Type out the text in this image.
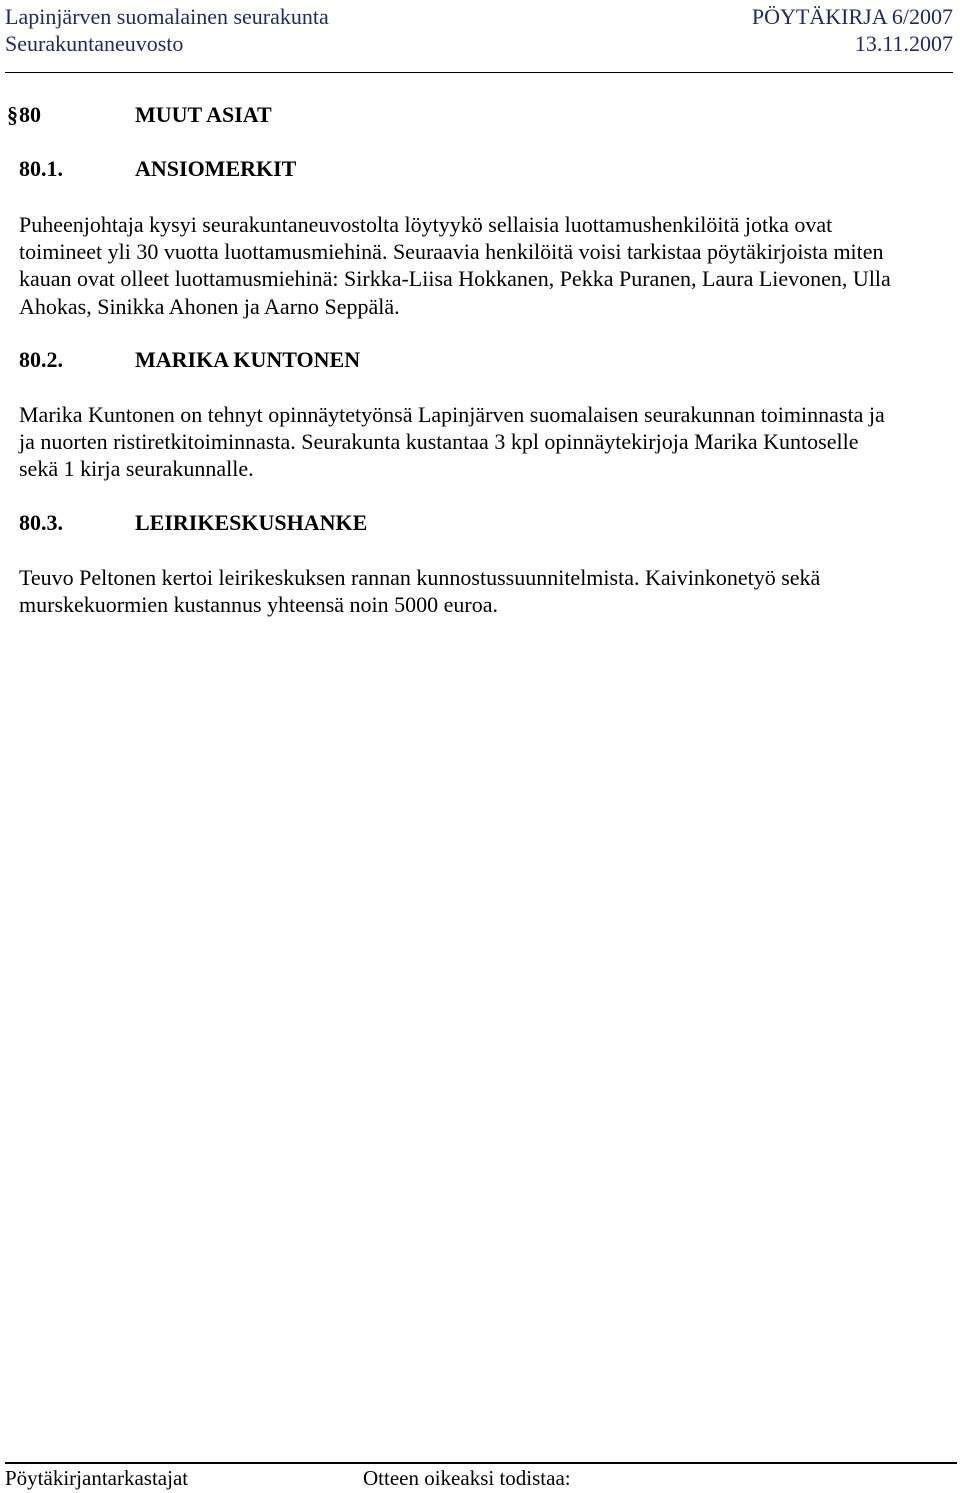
Lapinjärven suomalainen seurakunta	PÖYTÄKIRJA 6/2007
Seurakuntaneuvosto	13.11.2007
§ 80	MUUT ASIAT
80.1.	ANSIOMERKIT
Puheenjohtaja kysyi seurakuntaneuvostolta löytyykö sellaisia luottamushenkilöitä jotka ovat
toimineet yli 30 vuotta luottamusmiehinä. Seuraavia henkilöitä voisi tarkistaa pöytäkirjoista miten
kauan ovat olleet luottamusmiehinä: Sirkka-Liisa Hokkanen, Pekka Puranen, Laura Lievonen, Ulla
Ahokas, Sinikka Ahonen ja Aarno Seppälä.
80.2.	MARIKA KUNTONEN
Marika Kuntonen on tehnyt opinnäytetyönsä Lapinjärven suomalaisen seurakunnan toiminnasta ja
ja nuorten ristiretkitoiminnasta. Seurakunta kustantaa 3 kpl opinnäytekirjoja Marika Kuntoselle
sekä 1 kirja seurakunnalle.
80.3.	LEIRIKESKUSHANKE
Teuvo Peltonen kertoi leirikeskuksen rannan kunnostussuunnitelmista. Kaivinkonetyö sekä
murskekuormien kustannus yhteensä noin 5000 euroa.
Pöytäkirjantarkastajat	Otteen oikeaksi todistaa:
